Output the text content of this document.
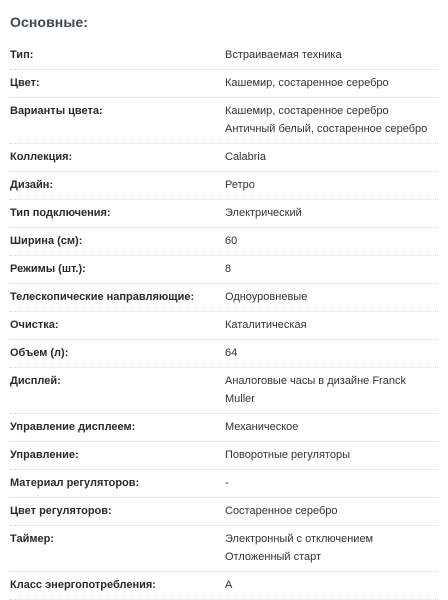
Основные:
Тип:	Встраиваемая техника
Цвет:	Кашемир, состаренное серебро
Варианты цвета:	Кашемир, состаренное серебро
Античный белый, состаренное серебро
Коллекция:	Calabria
Дизайн:	Ретро
Тип подключения:	Электрический
Ширина (см):	60
Режимы (шт.):	8
Телескопические направляющие:	Одноуровневые
Очистка:	Каталитическая
Объем (л):	64
Дисплей:	Аналоговые часы в дизайне Franck Muller
Управление дисплеем:	Механическое
Управление:	Поворотные регуляторы
Материал регуляторов:	-
Цвет регуляторов:	Состаренное серебро
Таймер:	Электронный с отключением
Отложенный старт
Класс энергопотребления:	A
